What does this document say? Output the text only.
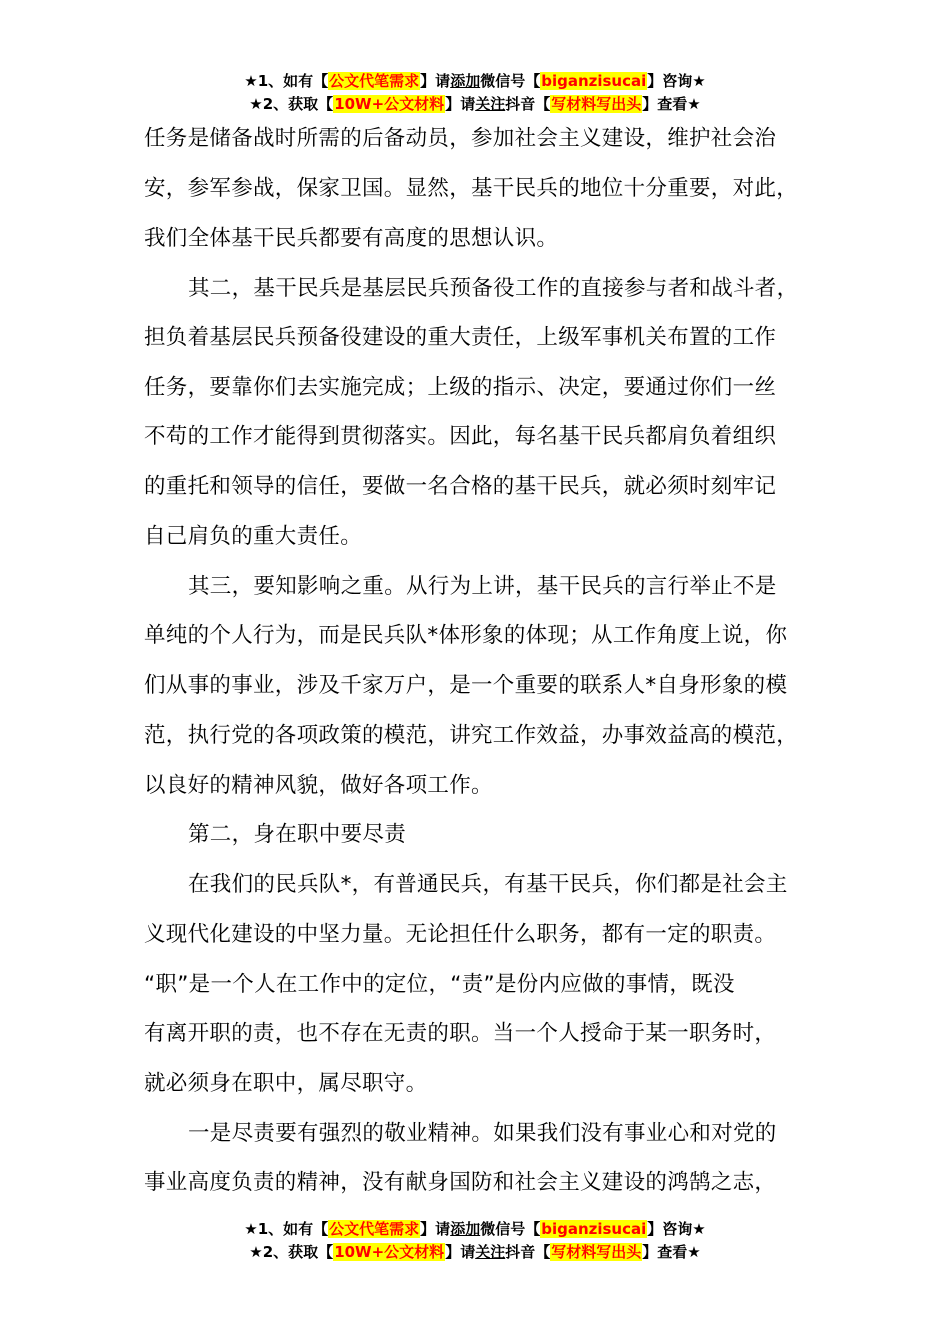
★1、如有【公文代笔需求】请添加微信号【biganzisucai】咨询★
★2、获取【10W+公文材料】请关注抖音【写材料写出头】查看★
任务是储备战时所需的后备动员，参加社会主义建设，维护社会治
安，参军参战，保家卫国。显然，基干民兵的地位十分重要，对此，
我们全体基干民兵都要有高度的思想认识。
其二，基干民兵是基层民兵预备役工作的直接参与者和战斗者，
担负着基层民兵预备役建设的重大责任，上级军事机关布置的工作
任务，要靠你们去实施完成；上级的指示、决定，要通过你们一丝
不苟的工作才能得到贯彻落实。因此，每名基干民兵都肩负着组织
的重托和领导的信任，要做一名合格的基干民兵，就必须时刻牢记
自己肩负的重大责任。
其三，要知影响之重。从行为上讲，基干民兵的言行举止不是
单纯的个人行为，而是民兵队*体形象的体现；从工作角度上说，你
们从事的事业，涉及千家万户，是一个重要的联系人*自身形象的模
范，执行党的各项政策的模范，讲究工作效益，办事效益高的模范，
以良好的精神风貌，做好各项工作。
第二，身在职中要尽责
在我们的民兵队*，有普通民兵，有基干民兵，你们都是社会主
义现代化建设的中坚力量。无论担任什么职务，都有一定的职责。
“职”是一个人在工作中的定位，“责”是份内应做的事情，既没
有离开职的责，也不存在无责的职。当一个人授命于某一职务时，
就必须身在职中，属尽职守。
一是尽责要有强烈的敬业精神。如果我们没有事业心和对党的
事业高度负责的精神，没有献身国防和社会主义建设的鸿鹄之志，
★1、如有【公文代笔需求】请添加微信号【biganzisucai】咨询★
★2、获取【10W+公文材料】请关注抖音【写材料写出头】查看★
